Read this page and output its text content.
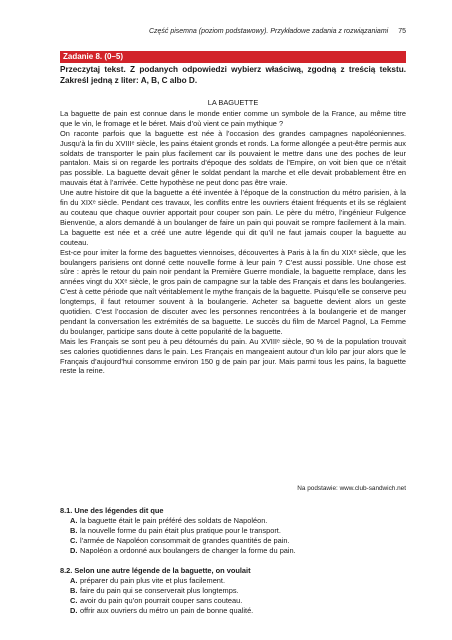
Część pisemna (poziom podstawowy). Przykładowe zadania z rozwiązaniami 75
Zadanie 8. (0–5)
Przeczytaj tekst. Z podanych odpowiedzi wybierz właściwą, zgodną z treścią tekstu. Zakreśl jedną z liter: A, B, C albo D.
LA BAGUETTE

La baguette de pain est connue dans le monde entier comme un symbole de la France, au même titre que le vin, le fromage et le béret. Mais d’où vient ce pain mythique ?

On raconte parfois que la baguette est née à l’occasion des grandes campagnes napoléoniennes. Jusqu’à la fin du XVIIIᵉ siècle, les pains étaient gronds et ronds. La forme allongée a peut-être permis aux soldats de transporter le pain plus facilement car ils pouvaient le mettre dans une des poches de leur pantalon. Mais si on regarde les portraits d’époque des soldats de l’Empire, on voit bien que ce n’était pas possible. La baguette devait gêner le soldat pendant la marche et elle devait probablement être en mauvais état à l’arrivée. Cette hypothèse ne peut donc pas être vraie.

Une autre histoire dit que la baguette a été inventée à l’époque de la construction du métro parisien, à la fin du XIXᵉ siècle. Pendant ces travaux, les conflits entre les ouvriers étaient fréquents et ils se réglaient au couteau que chaque ouvrier apportait pour couper son pain. Le père du métro, l’ingénieur Fulgence Bienvenüe, a alors demandé à un boulanger de faire un pain qui pouvait se rompre facilement à la main. La baguette est née et a créé une autre légende qui dit qu’il ne faut jamais couper la baguette au couteau.

Est-ce pour imiter la forme des baguettes viennoises, découvertes à Paris à la fin du XIXᵉ siècle, que les boulangers parisiens ont donné cette nouvelle forme à leur pain ? C’est aussi possible. Une chose est sûre : après le retour du pain noir pendant la Première Guerre mondiale, la baguette remplace, dans les années vingt du XXᵉ siècle, le gros pain de campagne sur la table des Français et dans les boulangeries. C’est à cette période que naît véritablement le mythe français de la baguette. Puisqu’elle se conserve peu longtemps, il faut retourner souvent à la boulangerie. Acheter sa baguette devient alors un geste quotidien. C’est l’occasion de discuter avec les personnes rencontrées à la boulangerie et de manger pendant la conversation les extrémités de sa baguette. Le succès du film de Marcel Pagnol, La Femme du boulanger, participe sans doute à cette popularité de la baguette.

Mais les Français se sont peu à peu détournés du pain. Au XVIIIᵉ siècle, 90 % de la population trouvait ses calories quotidiennes dans le pain. Les Français en mangeaient autour d’un kilo par jour alors que le Français d’aujourd’hui consomme environ 150 g de pain par jour. Mais parmi tous les pains, la baguette reste la reine.

Na podstawie: www.club-sandwich.net
8.1. Une des légendes dit que
A. la baguette était le pain préféré des soldats de Napoléon.
B. la nouvelle forme du pain était plus pratique pour le transport.
C. l’armée de Napoléon consommait de grandes quantités de pain.
D. Napoléon a ordonné aux boulangers de changer la forme du pain.
8.2. Selon une autre légende de la baguette, on voulait
A. préparer du pain plus vite et plus facilement.
B. faire du pain qui se conserverait plus longtemps.
C. avoir du pain qu’on pourrait couper sans couteau.
D. offrir aux ouvriers du métro un pain de bonne qualité.
